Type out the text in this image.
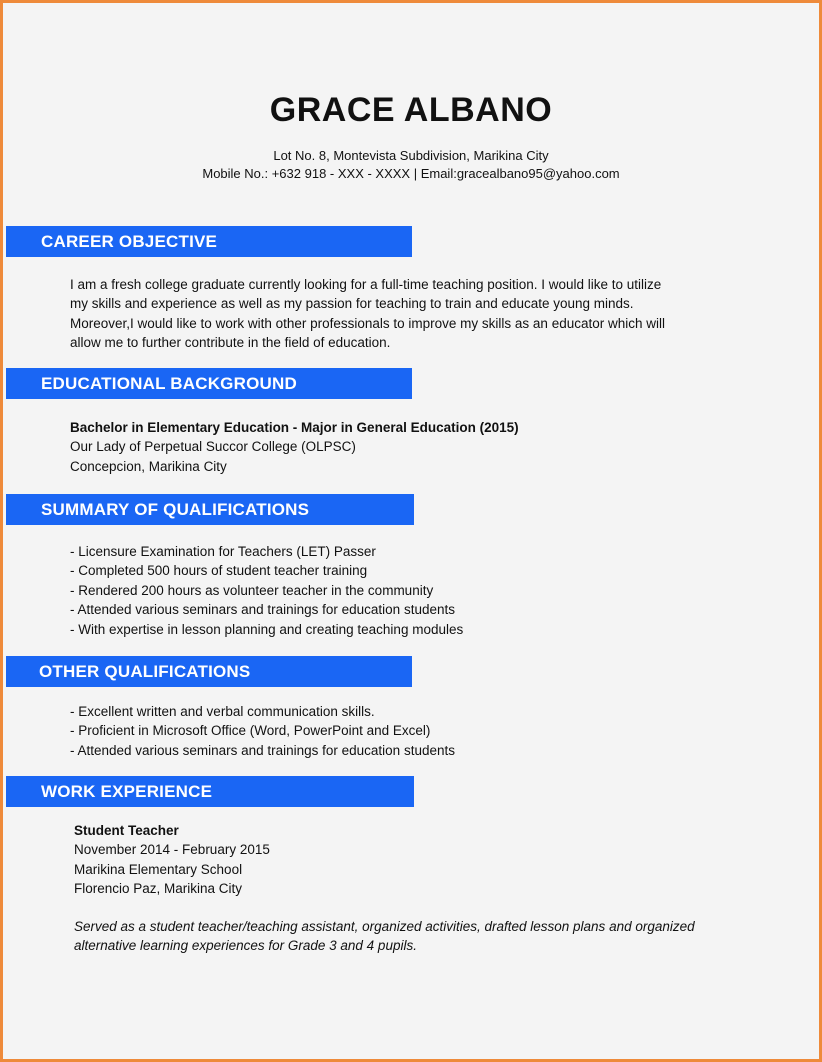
GRACE ALBANO
Lot No. 8, Montevista Subdivision, Marikina City
Mobile No.: +632 918 - XXX - XXXX | Email:gracealbano95@yahoo.com
CAREER OBJECTIVE

I am a fresh college graduate currently looking for a full-time teaching position. I would like to utilize

my skills and experience as well as my passion for teaching to train and educate young minds.

Moreover,I would like to work with other professionals to improve my skills as an educator which will

allow me to further contribute in the field of education.

EDUCATIONAL BACKGROUND

Bachelor in Elementary Education - Major in General Education (2015)

Our Lady of Perpetual Succor College (OLPSC)

Concepcion, Marikina City

SUMMARY OF QUALIFICATIONS
- Licensure Examination for Teachers (LET) Passer
- Completed 500 hours of student teacher training
- Rendered 200 hours as volunteer teacher in the community
- Attended various seminars and trainings for education students
- With expertise in lesson planning and creating teaching modules
OTHER QUALIFICATIONS
- Excellent written and verbal communication skills.
- Proficient in Microsoft Office (Word, PowerPoint and Excel)
- Attended various seminars and trainings for education students
WORK EXPERIENCE

Student Teacher

November 2014 - February 2015

Marikina Elementary School

Florencio Paz, Marikina City

Served as a student teacher/teaching assistant, organized activities, drafted lesson plans and organized

alternative learning experiences for Grade 3 and 4 pupils.
